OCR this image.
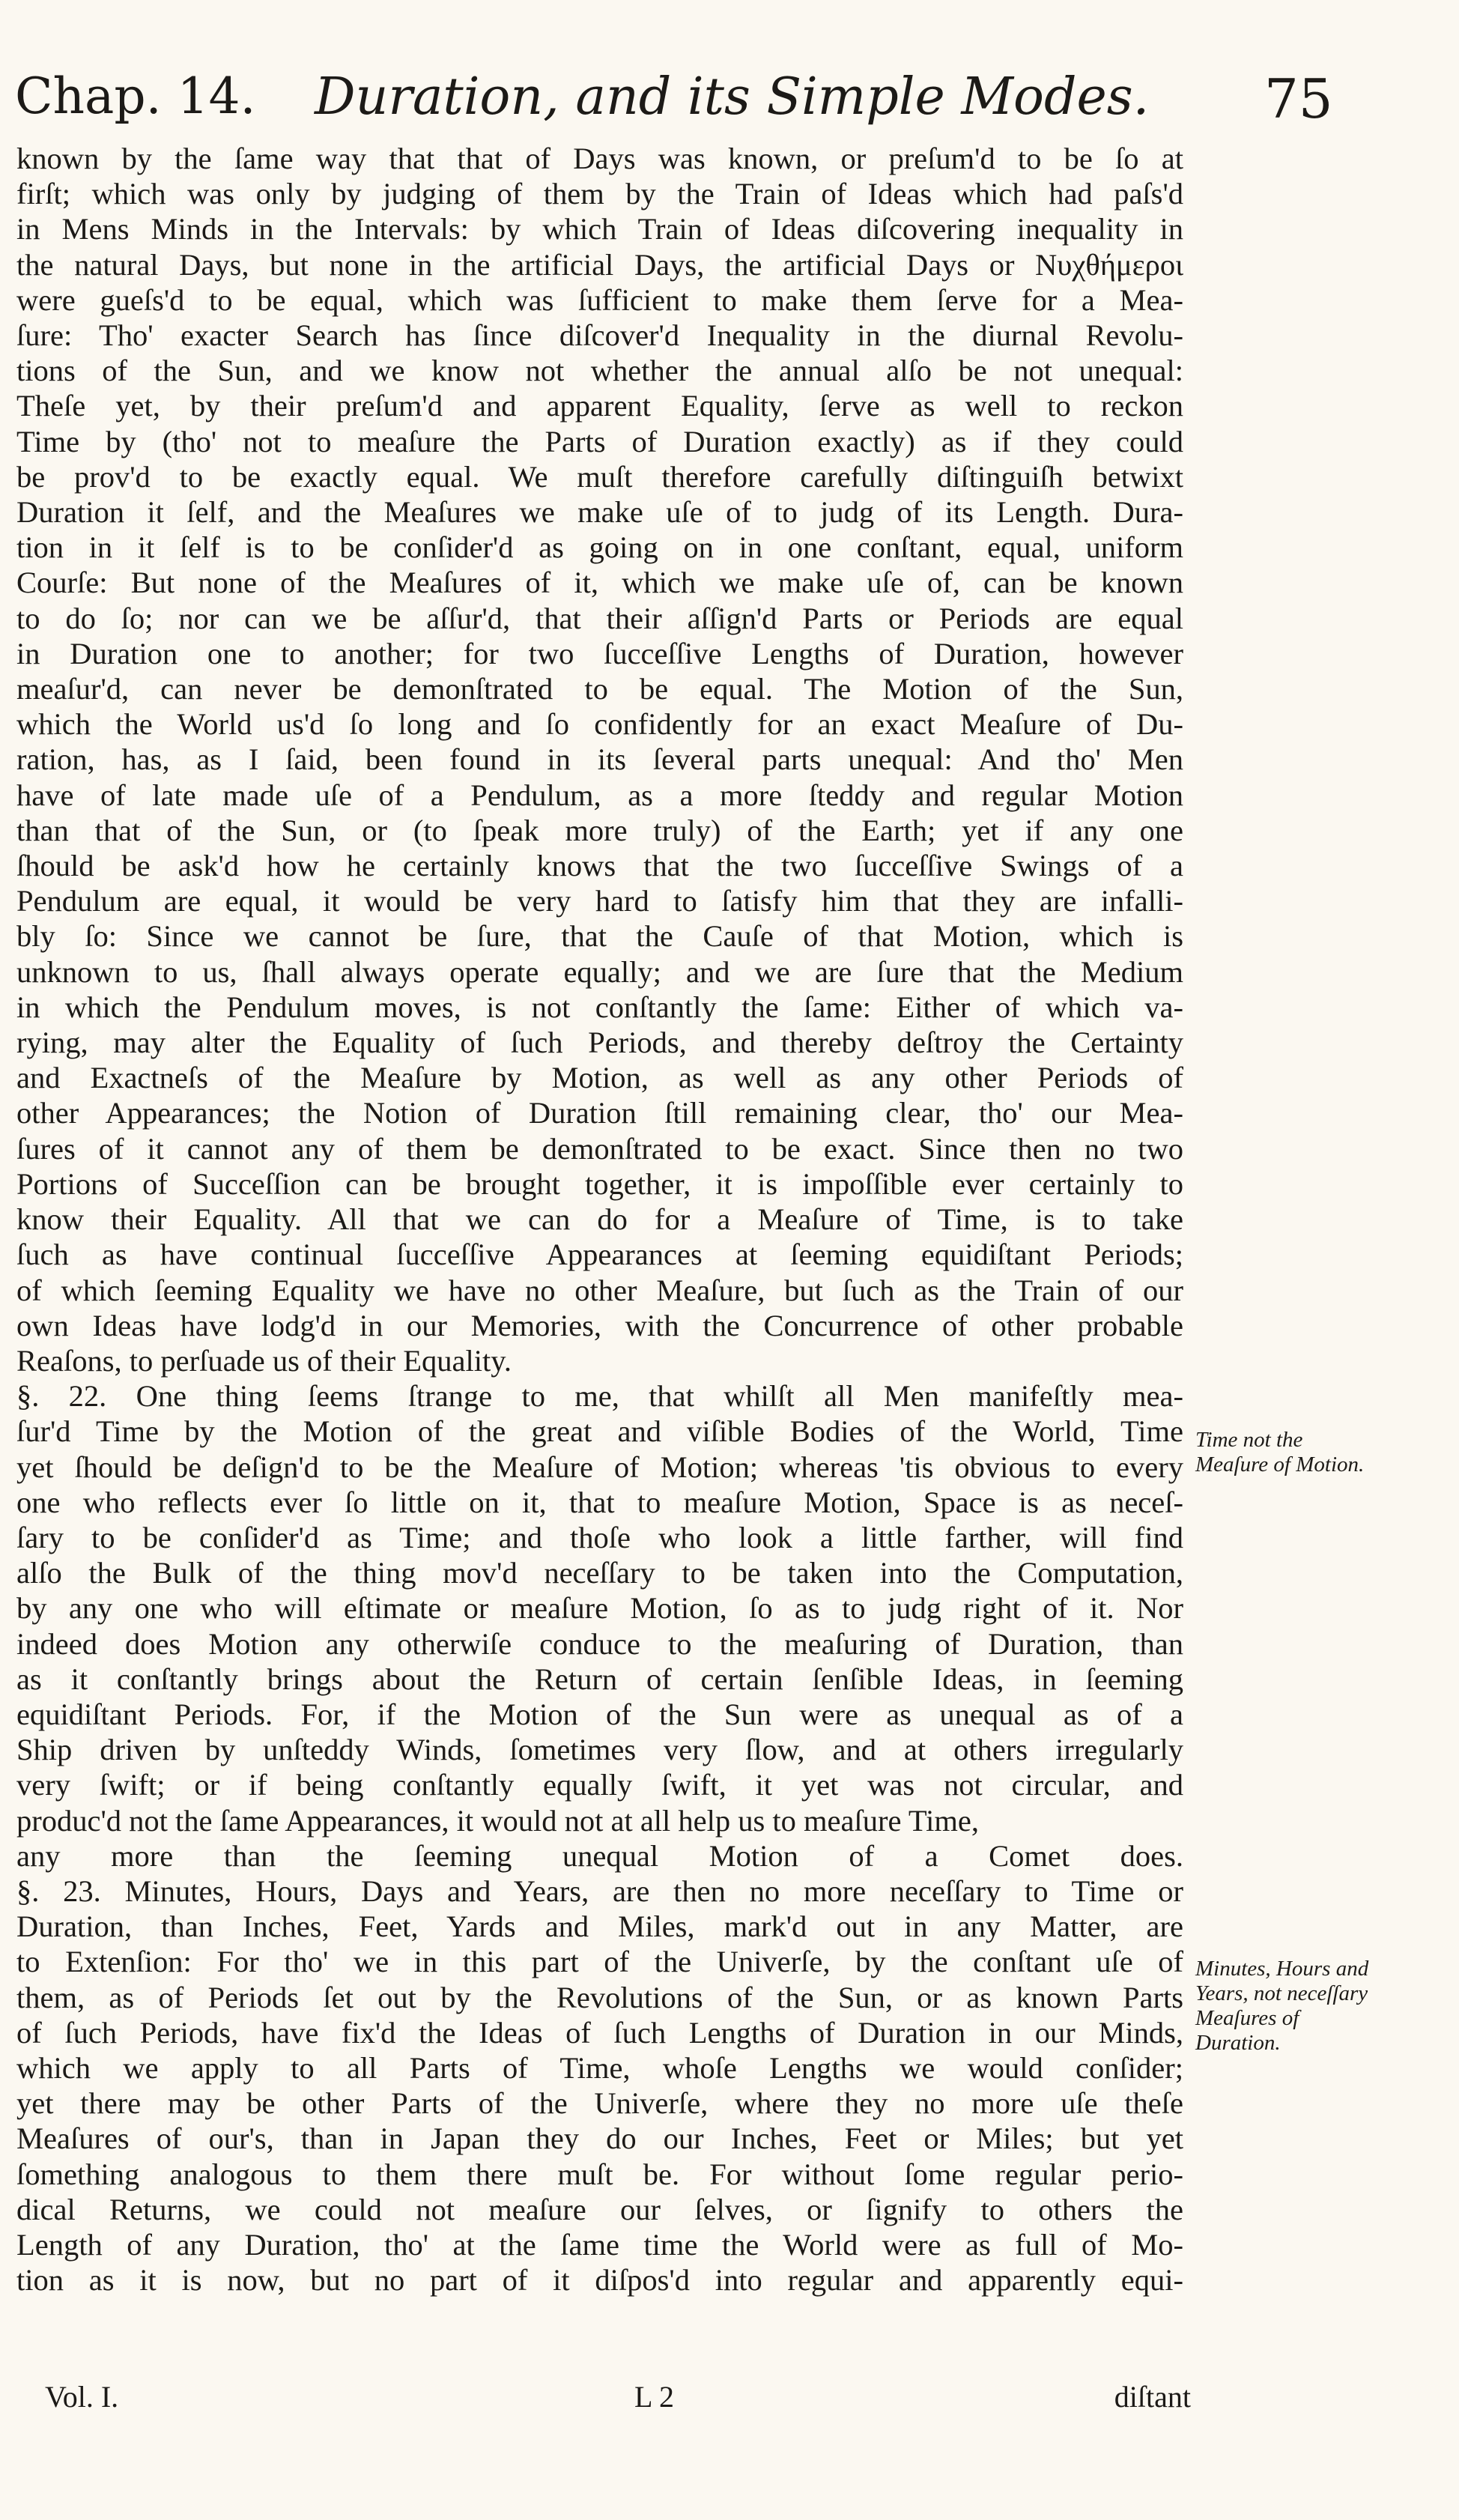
Chap. 14. Duration, and its Simple Modes. 75
known by the ſame way that that of Days was known, or preſum'd to be ſo at
firſt; which was only by judging of them by the Train of Ideas which had paſs'd
in Mens Minds in the Intervals: by which Train of Ideas diſcovering inequality in
the natural Days, but none in the artificial Days, the artificial Days or Νυχθήμεροι
were gueſs'd to be equal, which was ſufficient to make them ſerve for a Mea-
ſure: Tho' exacter Search has ſince diſcover'd Inequality in the diurnal Revolu-
tions of the Sun, and we know not whether the annual alſo be not unequal:
Theſe yet, by their preſum'd and apparent Equality, ſerve as well to reckon
Time by (tho' not to meaſure the Parts of Duration exactly) as if they could
be prov'd to be exactly equal. We muſt therefore carefully diſtinguiſh betwixt
Duration it ſelf, and the Meaſures we make uſe of to judg of its Length. Dura-
tion in it ſelf is to be conſider'd as going on in one conſtant, equal, uniform
Courſe: But none of the Meaſures of it, which we make uſe of, can be known
to do ſo; nor can we be aſſur'd, that their aſſign'd Parts or Periods are equal
in Duration one to another; for two ſucceſſive Lengths of Duration, however
meaſur'd, can never be demonſtrated to be equal. The Motion of the Sun,
which the World us'd ſo long and ſo confidently for an exact Meaſure of Du-
ration, has, as I ſaid, been found in its ſeveral parts unequal: And tho' Men
have of late made uſe of a Pendulum, as a more ſteddy and regular Motion
than that of the Sun, or (to ſpeak more truly) of the Earth; yet if any one
ſhould be ask'd how he certainly knows that the two ſucceſſive Swings of a
Pendulum are equal, it would be very hard to ſatisfy him that they are infalli-
bly ſo: Since we cannot be ſure, that the Cauſe of that Motion, which is
unknown to us, ſhall always operate equally; and we are ſure that the Medium
in which the Pendulum moves, is not conſtantly the ſame: Either of which va-
rying, may alter the Equality of ſuch Periods, and thereby deſtroy the Certainty
and Exactneſs of the Meaſure by Motion, as well as any other Periods of
other Appearances; the Notion of Duration ſtill remaining clear, tho' our Mea-
ſures of it cannot any of them be demonſtrated to be exact. Since then no two
Portions of Succeſſion can be brought together, it is impoſſible ever certainly to
know their Equality. All that we can do for a Meaſure of Time, is to take
ſuch as have continual ſucceſſive Appearances at ſeeming equidiſtant Periods;
of which ſeeming Equality we have no other Meaſure, but ſuch as the Train of our
own Ideas have lodg'd in our Memories, with the Concurrence of other probable
Reaſons, to perſuade us of their Equality.
§. 22. One thing ſeems ſtrange to me, that whilſt all Men manifeſtly mea-
ſur'd Time by the Motion of the great and viſible Bodies of the World, Time
yet ſhould be deſign'd to be the Meaſure of Motion; whereas 'tis obvious to every
one who reflects ever ſo little on it, that to meaſure Motion, Space is as neceſ-
ſary to be conſider'd as Time; and thoſe who look a little farther, will find
alſo the Bulk of the thing mov'd neceſſary to be taken into the Computation,
by any one who will eſtimate or meaſure Motion, ſo as to judg right of it. Nor
indeed does Motion any otherwiſe conduce to the meaſuring of Duration, than
as it conſtantly brings about the Return of certain ſenſible Ideas, in ſeeming
equidiſtant Periods. For, if the Motion of the Sun were as unequal as of a
Ship driven by unſteddy Winds, ſometimes very ſlow, and at others irregularly
very ſwift; or if being conſtantly equally ſwift, it yet was not circular, and
produc'd not the ſame Appearances, it would not at all help us to meaſure Time,
any more than the ſeeming unequal Motion of a Comet does.
§. 23. Minutes, Hours, Days and Years, are then no more neceſſary to Time or
Duration, than Inches, Feet, Yards and Miles, mark'd out in any Matter, are
to Extenſion: For tho' we in this part of the Univerſe, by the conſtant uſe of
them, as of Periods ſet out by the Revolutions of the Sun, or as known Parts
of ſuch Periods, have fix'd the Ideas of ſuch Lengths of Duration in our Minds,
which we apply to all Parts of Time, whoſe Lengths we would conſider;
yet there may be other Parts of the Univerſe, where they no more uſe theſe
Meaſures of our's, than in Japan they do our Inches, Feet or Miles; but yet
ſomething analogous to them there muſt be. For without ſome regular perio-
dical Returns, we could not meaſure our ſelves, or ſignify to others the
Length of any Duration, tho' at the ſame time the World were as full of Mo-
tion as it is now, but no part of it diſpos'd into regular and apparently equi-
Time not the Meaſure of Motion.
Minutes, Hours and Years, not neceſſary Meaſures of Duration.
Vol. I.	L 2	diſtant
